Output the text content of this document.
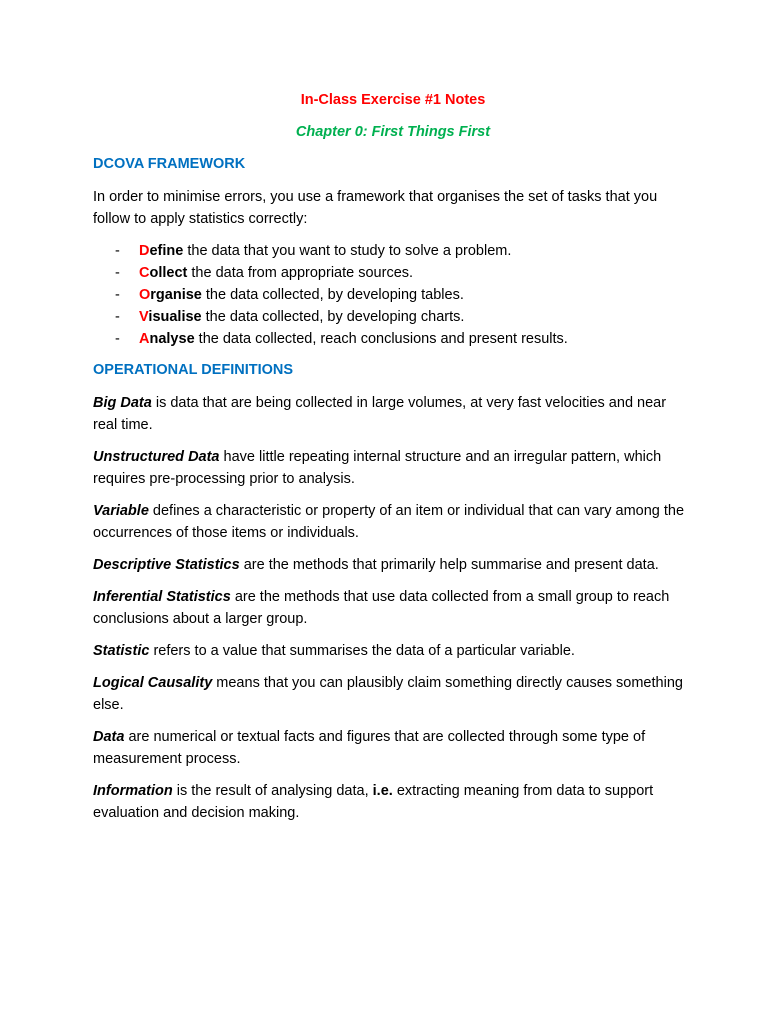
In-Class Exercise #1 Notes
Chapter 0: First Things First
DCOVA FRAMEWORK

In order to minimise errors, you use a framework that organises the set of tasks that you follow to apply statistics correctly:

- Define the data that you want to study to solve a problem.
- Collect the data from appropriate sources.
- Organise the data collected, by developing tables.
- Visualise the data collected, by developing charts.
- Analyse the data collected, reach conclusions and present results.
OPERATIONAL DEFINITIONS

Big Data is data that are being collected in large volumes, at very fast velocities and near real time.

Unstructured Data have little repeating internal structure and an irregular pattern, which requires pre-processing prior to analysis.

Variable defines a characteristic or property of an item or individual that can vary among the occurrences of those items or individuals.

Descriptive Statistics are the methods that primarily help summarise and present data.

Inferential Statistics are the methods that use data collected from a small group to reach conclusions about a larger group.

Statistic refers to a value that summarises the data of a particular variable.

Logical Causality means that you can plausibly claim something directly causes something else.

Data are numerical or textual facts and figures that are collected through some type of measurement process.

Information is the result of analysing data, i.e. extracting meaning from data to support evaluation and decision making.
